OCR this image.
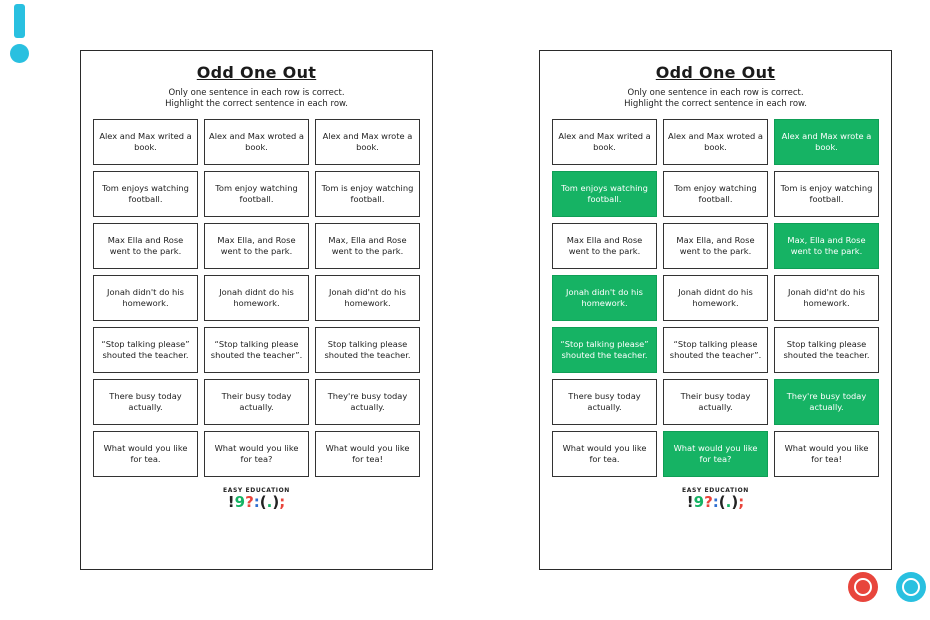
Odd One Out
Only one sentence in each row is correct.
Highlight the correct sentence in each row.
Alex and Max writed a book.
Alex and Max wroted a book.
Alex and Max wrote a book.
Tom enjoys watching football.
Tom enjoy watching football.
Tom is enjoy watching football.
Max Ella and Rose went to the park.
Max Ella, and Rose went to the park.
Max, Ella and Rose went to the park.
Jonah didn't do his homework.
Jonah didnt do his homework.
Jonah did'nt do his homework.
“Stop talking please” shouted the teacher.
“Stop talking please shouted the teacher”.
Stop talking please shouted the teacher.
There busy today actually.
Their busy today actually.
They're busy today actually.
What would you like for tea.
What would you like for tea?
What would you like for tea!
EASY EDUCATION
!9?:(.);
Odd One Out
Only one sentence in each row is correct.
Highlight the correct sentence in each row.
Alex and Max writed a book.
Alex and Max wroted a book.
Alex and Max wrote a book.
Tom enjoys watching football.
Tom enjoy watching football.
Tom is enjoy watching football.
Max Ella and Rose went to the park.
Max Ella, and Rose went to the park.
Max, Ella and Rose went to the park.
Jonah didn't do his homework.
Jonah didnt do his homework.
Jonah did'nt do his homework.
“Stop talking please” shouted the teacher.
“Stop talking please shouted the teacher”.
Stop talking please shouted the teacher.
There busy today actually.
Their busy today actually.
They're busy today actually.
What would you like for tea.
What would you like for tea?
What would you like for tea!
EASY EDUCATION
!9?:(.);
